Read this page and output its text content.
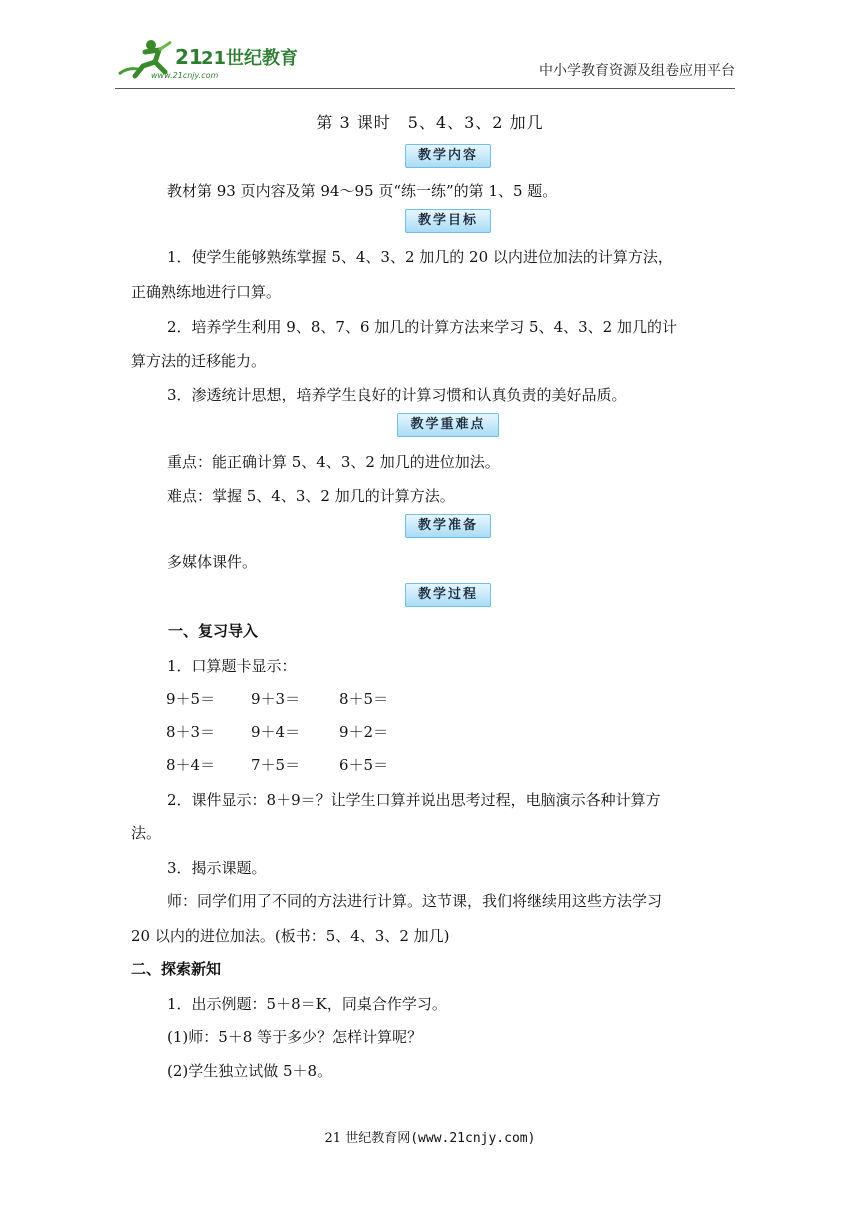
21
21世纪教育
www.21cnjy.com	中小学教育资源及组卷应用平台
第 3 课时　5、4、3、2 加几
教学内容
教材第 93 页内容及第 94～95 页“练一练”的第 1、5 题。
教学目标
1．使学生能够熟练掌握 5、4、3、2 加几的 20 以内进位加法的计算方法，
正确熟练地进行口算。
2．培养学生利用 9、8、7、6 加几的计算方法来学习 5、4、3、2 加几的计
算方法的迁移能力。
3．渗透统计思想，培养学生良好的计算习惯和认真负责的美好品质。
教学重难点
重点：能正确计算 5、4、3、2 加几的进位加法。
难点：掌握 5、4、3、2 加几的计算方法。
教学准备
多媒体课件。
教学过程
一、复习导入
1．口算题卡显示：
9＋5＝ 9＋3＝	8＋5＝
8＋3＝ 9＋4＝	9＋2＝
8＋4＝ 7＋5＝	6＋5＝
2．课件显示：8＋9＝？让学生口算并说出思考过程，电脑演示各种计算方
法。
3．揭示课题。
师：同学们用了不同的方法进行计算。这节课，我们将继续用这些方法学习
20 以内的进位加法。(板书：5、4、3、2 加几)
二、探索新知
1．出示例题：5＋8＝K，同桌合作学习。
(1)师：5＋8 等于多少？怎样计算呢？
(2)学生独立试做 5＋8。
21 世纪教育网(www.21cnjy.com)
